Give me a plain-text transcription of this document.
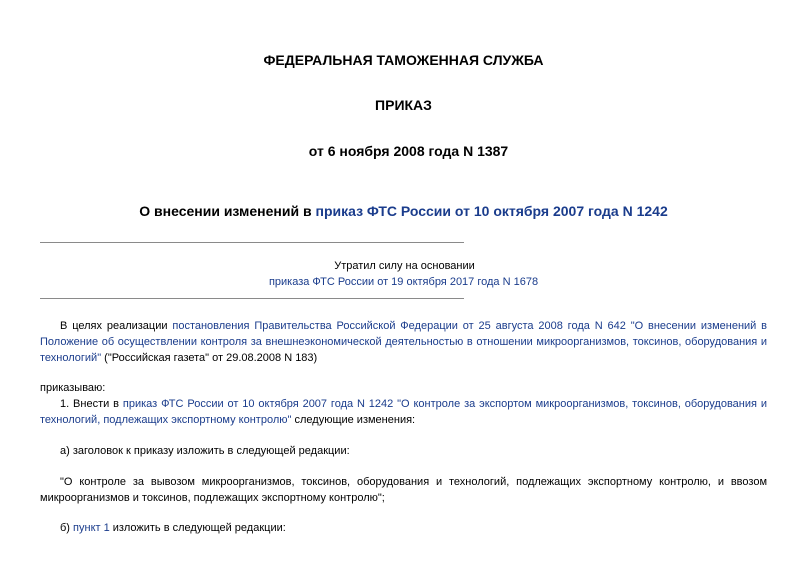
ФЕДЕРАЛЬНАЯ ТАМОЖЕННАЯ СЛУЖБА
ПРИКАЗ
от 6 ноября 2008 года N 1387
О внесении изменений в приказ ФТС России от 10 октября 2007 года N 1242
Утратил силу на основании
приказа ФТС России от 19 октября 2017 года N 1678
В целях реализации постановления Правительства Российской Федерации от 25 августа 2008 года N 642 "О внесении изменений в Положение об осуществлении контроля за внешнеэкономической деятельностью в отношении микроорганизмов, токсинов, оборудования и технологий" ("Российская газета" от 29.08.2008 N 183)
приказываю:
1. Внести в приказ ФТС России от 10 октября 2007 года N 1242 "О контроле за экспортом микроорганизмов, токсинов, оборудования и технологий, подлежащих экспортному контролю" следующие изменения:
а) заголовок к приказу изложить в следующей редакции:
"О контроле за вывозом микроорганизмов, токсинов, оборудования и технологий, подлежащих экспортному контролю, и ввозом микроорганизмов и токсинов, подлежащих экспортному контролю";
б) пункт 1 изложить в следующей редакции:
